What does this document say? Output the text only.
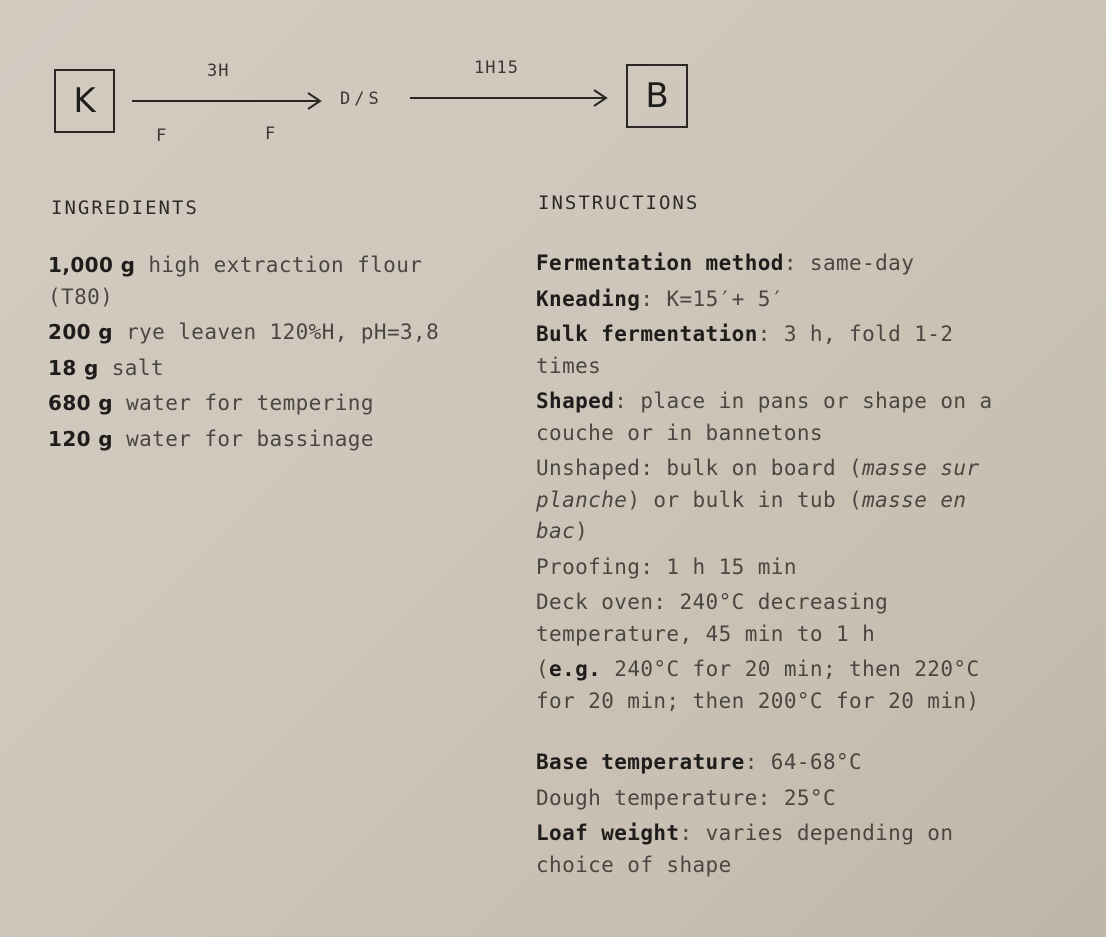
K
3H
F	F
D/S
1H15
B
INGREDIENTS
1,000 g high extraction flour (T80)
200 g rye leaven 120%H, pH=3,8
18 g salt
680 g water for tempering
120 g water for bassinage
INSTRUCTIONS
Fermentation method: same-day
Kneading: K=15′+ 5′
Bulk fermentation: 3 h, fold 1-2 times
Shaped: place in pans or shape on a couche or in bannetons
Unshaped: bulk on board (masse sur planche) or bulk in tub (masse en bac)
Proofing: 1 h 15 min
Deck oven: 240°C decreasing temperature, 45 min to 1 h
(e.g. 240°C for 20 min; then 220°C for 20 min; then 200°C for 20 min)
Base temperature: 64-68°C
Dough temperature: 25°C
Loaf weight: varies depending on choice of shape
